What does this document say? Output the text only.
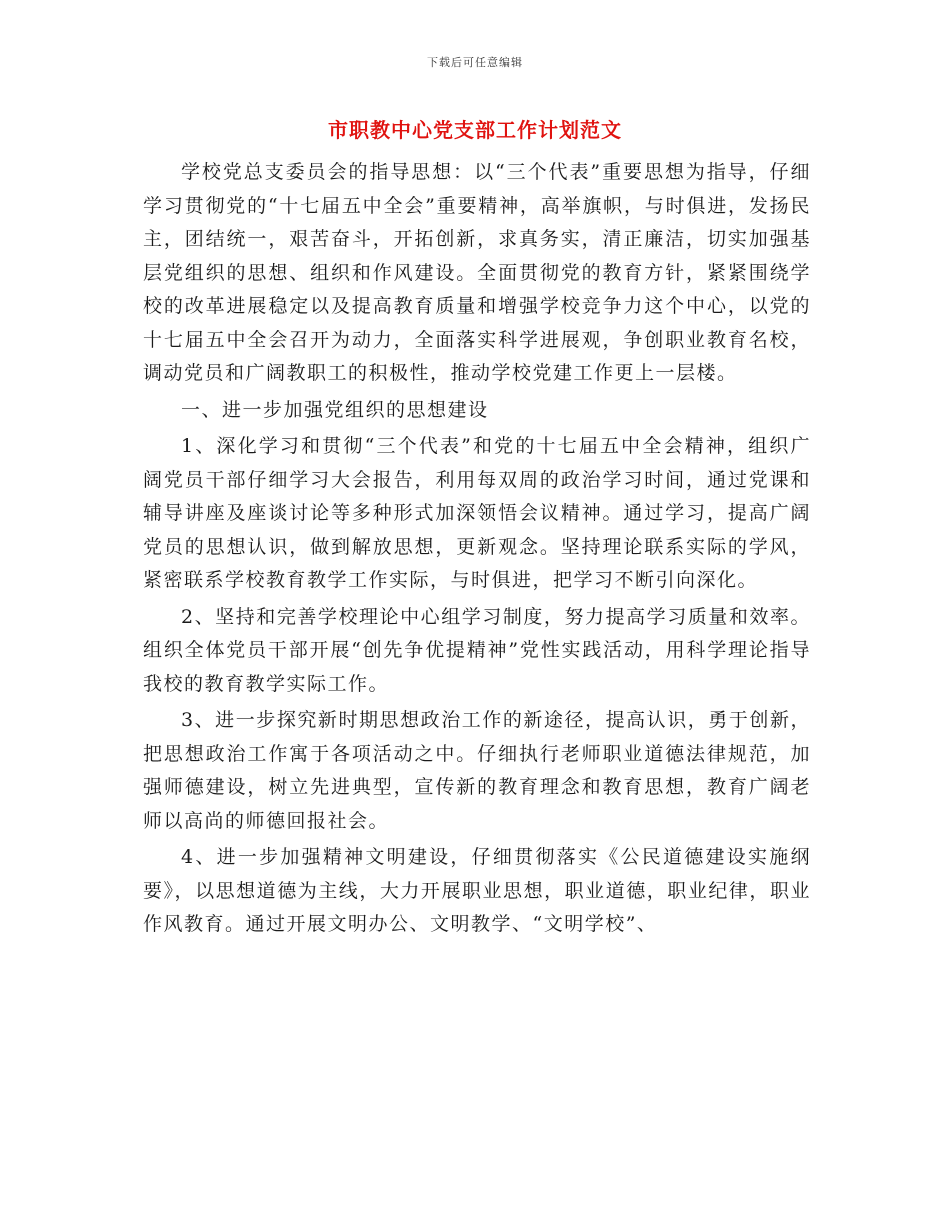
下载后可任意编辑
市职教中心党支部工作计划范文

学校党总支委员会的指导思想：以“三个代表”重要思想为指导，仔细学习贯彻党的“十七届五中全会”重要精神，高举旗帜，与时俱进，发扬民主，团结统一，艰苦奋斗，开拓创新，求真务实，清正廉洁，切实加强基层党组织的思想、组织和作风建设。全面贯彻党的教育方针，紧紧围绕学校的改革进展稳定以及提高教育质量和增强学校竞争力这个中心，以党的十七届五中全会召开为动力，全面落实科学进展观，争创职业教育名校，调动党员和广阔教职工的积极性，推动学校党建工作更上一层楼。

一、进一步加强党组织的思想建设

1、深化学习和贯彻“三个代表”和党的十七届五中全会精神，组织广阔党员干部仔细学习大会报告，利用每双周的政治学习时间，通过党课和辅导讲座及座谈讨论等多种形式加深领悟会议精神。通过学习，提高广阔党员的思想认识，做到解放思想，更新观念。坚持理论联系实际的学风，紧密联系学校教育教学工作实际，与时俱进，把学习不断引向深化。

2、坚持和完善学校理论中心组学习制度，努力提高学习质量和效率。组织全体党员干部开展“创先争优提精神”党性实践活动，用科学理论指导我校的教育教学实际工作。

3、进一步探究新时期思想政治工作的新途径，提高认识，勇于创新，把思想政治工作寓于各项活动之中。仔细执行老师职业道德法律规范，加强师德建设，树立先进典型，宣传新的教育理念和教育思想，教育广阔老师以高尚的师德回报社会。

4、进一步加强精神文明建设，仔细贯彻落实《公民道德建设实施纲要》，以思想道德为主线，大力开展职业思想，职业道德，职业纪律，职业作风教育。通过开展文明办公、文明教学、“文明学校”、
